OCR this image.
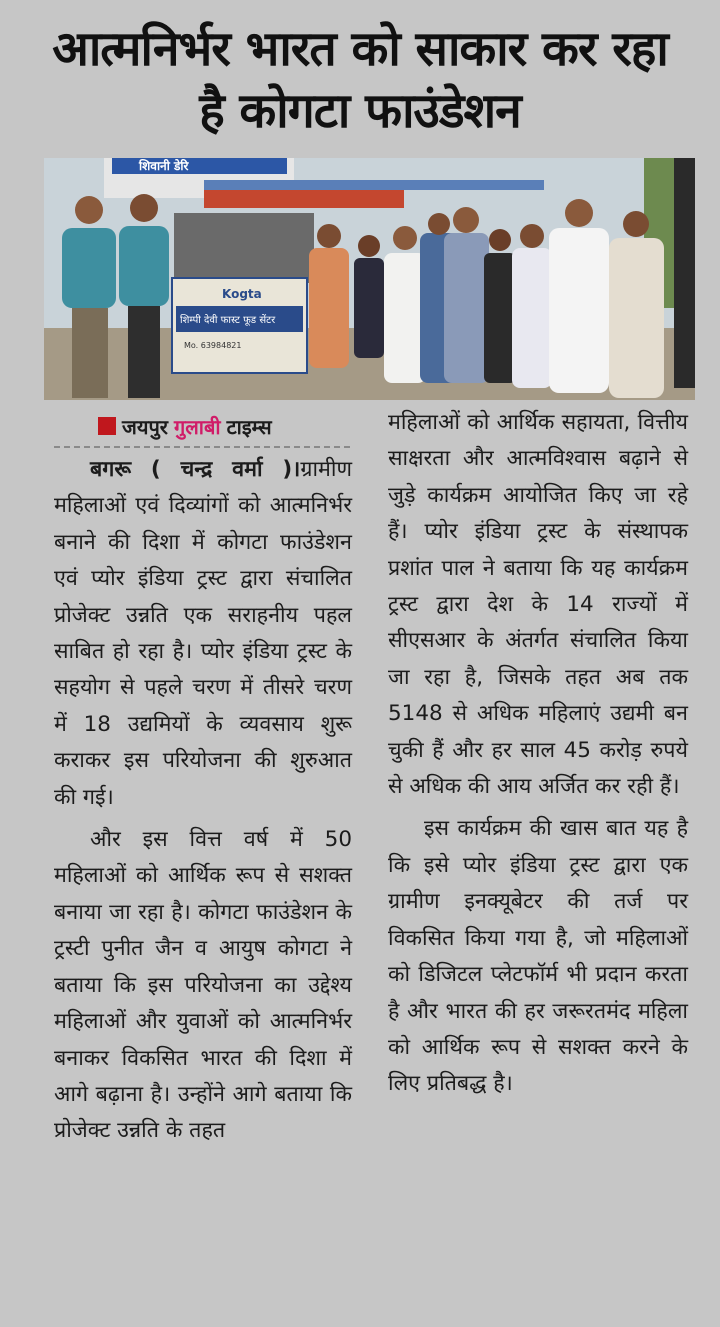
आत्मनिर्भर भारत को साकार कर रहा
है कोगटा फाउंडेशन
शिवानी डेरि
Kogta
शिम्पी देवी फास्ट फूड सेंटर
Mo. 63984821
जयपुर गुलाबी टाइम्स

बगरू ( चन्द्र वर्मा )।ग्रामीण महिलाओं एवं दिव्यांगों को आत्मनिर्भर बनाने की दिशा में कोगटा फाउंडेशन एवं प्योर इंडिया ट्रस्ट द्वारा संचालित प्रोजेक्ट उन्नति एक सराहनीय पहल साबित हो रहा है। प्योर इंडिया ट्रस्ट के सहयोग से पहले चरण में तीसरे चरण में 18 उद्यमियों के व्यवसाय शुरू कराकर इस परियोजना की शुरुआत की गई।

और इस वित्त वर्ष में 50 महिलाओं को आर्थिक रूप से सशक्त बनाया जा रहा है। कोगटा फाउंडेशन के ट्रस्टी पुनीत जैन व आयुष कोगटा ने बताया कि इस परियोजना का उद्देश्य महिलाओं और युवाओं को आत्मनिर्भर बनाकर विकसित भारत की दिशा में आगे बढ़ाना है। उन्होंने आगे बताया कि प्रोजेक्ट उन्नति के तहत

महिलाओं को आर्थिक सहायता, वित्तीय साक्षरता और आत्मविश्वास बढ़ाने से जुड़े कार्यक्रम आयोजित किए जा रहे हैं। प्योर इंडिया ट्रस्ट के संस्थापक प्रशांत पाल ने बताया कि यह कार्यक्रम ट्रस्ट द्वारा देश के 14 राज्यों में सीएसआर के अंतर्गत संचालित किया जा रहा है, जिसके तहत अब तक 5148 से अधिक महिलाएं उद्यमी बन चुकी हैं और हर साल 45 करोड़ रुपये से अधिक की आय अर्जित कर रही हैं।

इस कार्यक्रम की खास बात यह है कि इसे प्योर इंडिया ट्रस्ट द्वारा एक ग्रामीण इनक्यूबेटर की तर्ज पर विकसित किया गया है, जो महिलाओं को डिजिटल प्लेटफॉर्म भी प्रदान करता है और भारत की हर जरूरतमंद महिला को आर्थिक रूप से सशक्त करने के लिए प्रतिबद्ध है।
